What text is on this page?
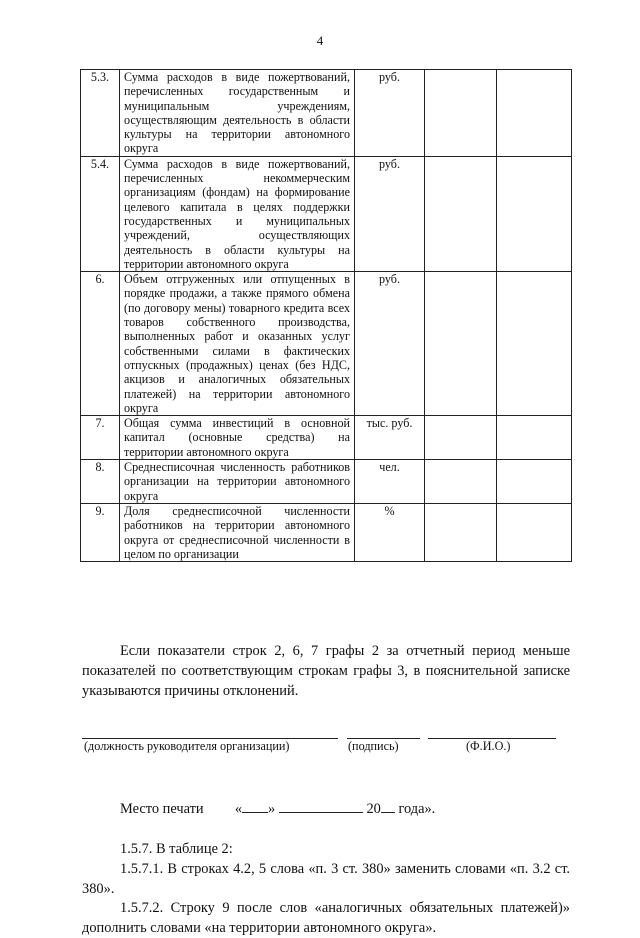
4
5.3.	Сумма расходов в виде пожертвований, перечисленных государственным и муниципальным учреждениям, осуществляющим деятельность в области культуры на территории автономного округа	руб.		
5.4.	Сумма расходов в виде пожертвований, перечисленных некоммерческим организациям (фондам) на формирование целевого капитала в целях поддержки государственных и муниципальных учреждений, осуществляющих деятельность в области культуры на территории автономного округа	руб.		
6.	Объем отгруженных или отпущенных в порядке продажи, а также прямого обмена (по договору мены) товарного кредита всех товаров собственного производства, выполненных работ и оказанных услуг собственными силами в фактических отпускных (продажных) ценах (без НДС, акцизов и аналогичных обязательных платежей) на территории автономного округа	руб.		
7.	Общая сумма инвестиций в основной капитал (основные средства) на территории автономного округа	тыс. руб.		
8.	Среднесписочная численность работников организации на территории автономного округа	чел.		
9.	Доля среднесписочной численности работников на территории автономного округа от среднесписочной численности в целом по организации	%		
Если показатели строк 2, 6, 7 графы 2 за отчетный период меньше показателей по соответствующим строкам графы 3, в пояснительной записке указываются причины отклонений.
(должность руководителя организации)	(подпись)	(Ф.И.О.)
Место печати « »	20 года».
1.5.7. В таблице 2:
1.5.7.1. В строках 4.2, 5 слова «п. 3 ст. 380» заменить словами «п. 3.2 ст. 380».
1.5.7.2. Строку 9 после слов «аналогичных обязательных платежей)» дополнить словами «на территории автономного округа».
